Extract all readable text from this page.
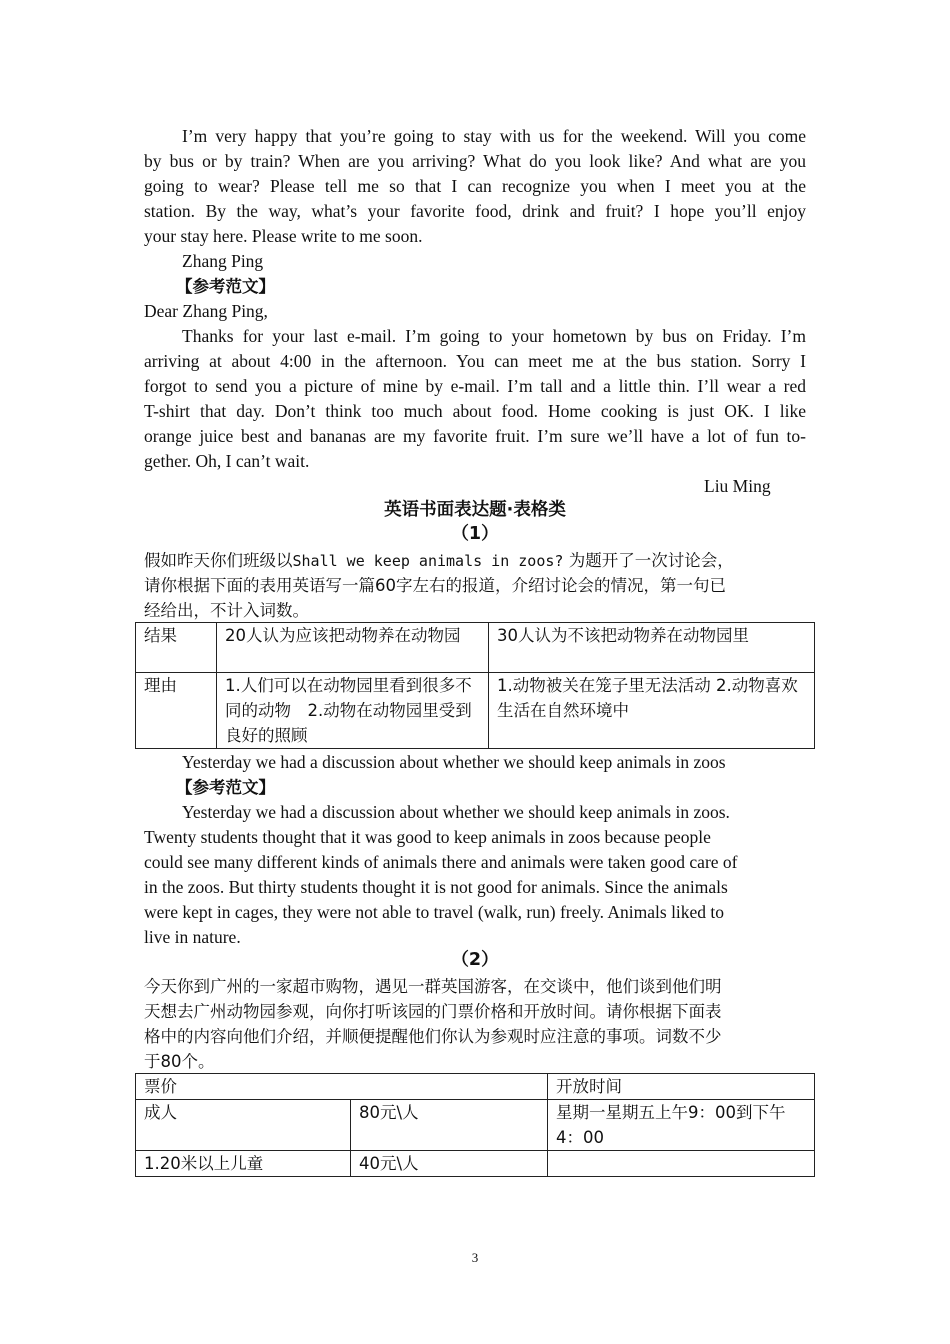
I’m very happy that you’re going to stay with us for the weekend. Will you come
by bus or by train? When are you arriving? What do you look like? And what are you
going to wear? Please tell me so that I can recognize you when I meet you at the
station. By the way, what’s your favorite food, drink and fruit? I hope you’ll enjoy
your stay here. Please write to me soon.
Zhang Ping
【参考范文】
Dear Zhang Ping,
Thanks for your last e-mail. I’m going to your hometown by bus on Friday. I’m
arriving at about 4:00 in the afternoon. You can meet me at the bus station. Sorry I
forgot to send you a picture of mine by e-mail. I’m tall and a little thin. I’ll wear a red
T-shirt that day. Don’t think too much about food. Home cooking is just OK. I like
orange juice best and bananas are my favorite fruit. I’m sure we’ll have a lot of fun to-
gether. Oh, I can’t wait.
Liu Ming
英语书面表达题·表格类
（1）
假如昨天你们班级以Shall we keep animals in zoos? 为题开了一次讨论会，
请你根据下面的表用英语写一篇60字左右的报道，介绍讨论会的情况，第一句已
经给出，不计入词数。
结果	20人认为应该把动物养在动物园	30人认为不该把动物养在动物园里
理由	1.人们可以在动物园里看到很多不同的动物　2.动物在动物园里受到良好的照顾	1.动物被关在笼子里无法活动 2.动物喜欢生活在自然环境中
Yesterday we had a discussion about whether we should keep animals in zoos
【参考范文】
Yesterday we had a discussion about whether we should keep animals in zoos.
Twenty students thought that it was good to keep animals in zoos because people
could see many different kinds of animals there and animals were taken good care of
in the zoos. But thirty students thought it is not good for animals. Since the animals
were kept in cages, they were not able to travel (walk, run) freely. Animals liked to
live in nature.
（2）
今天你到广州的一家超市购物，遇见一群英国游客，在交谈中，他们谈到他们明
天想去广州动物园参观，向你打听该园的门票价格和开放时间。请你根据下面表
格中的内容向他们介绍，并顺便提醒他们你认为参观时应注意的事项。词数不少
于80个。
票价		开放时间
成人	80元\人	星期一星期五上午9：00到下午4：00
1.20米以上儿童	40元\人	
3
